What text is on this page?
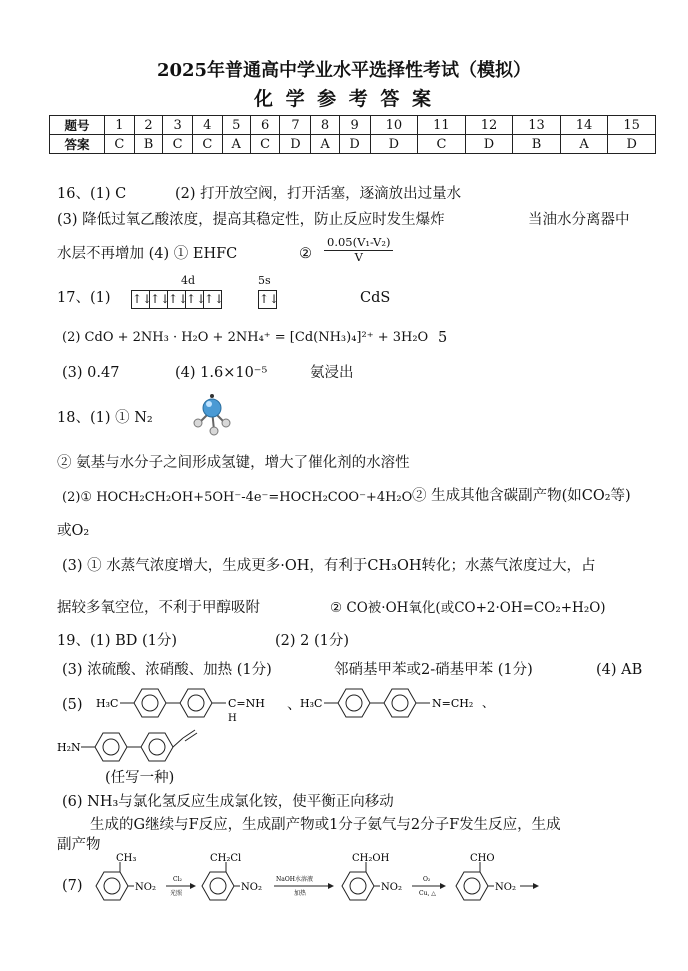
2025年普通高中学业水平选择性考试（模拟）
化 学 参 考 答 案
题号	1	2	3	4	5	6	7	8	9	10	11	12	13	14	15
答案	C	B	C	C	A	C	D	A	D	D	C	D	B	A	D
16、(1) C	(2) 打开放空阀，打开活塞，逐滴放出过量水
(3) 降低过氧乙酸浓度，提高其稳定性，防止反应时发生爆炸	当油水分离器中
水层不再增加 (4) ① EHFC	② $\frac{\text{0.05(V₁-V₂)}}{V}$
17、(1)
4d	5s
↑↓↑↓↑↓↑↓↑↓	↑↓	CdS
(2) CdO + 2NH₃ · H₂O + 2NH₄⁺ = [Cd(NH₃)₄]²⁺ + 3H₂O 5
(3) 0.47	(4) 1.6×10⁻⁵	氨浸出
18、(1) ① N₂
② 氨基与水分子之间形成氢键，增大了催化剂的水溶性
(2)① HOCH₂CH₂OH+5OH⁻-4e⁻=HOCH₂COO⁻+4H₂O ② 生成其他含碳副产物(如CO₂等)
或O₂
(3) ① 水蒸气浓度增大，生成更多·OH，有利于CH₃OH转化；水蒸气浓度过大，占
据较多氧空位，不利于甲醇吸附	② CO被·OH氧化(或CO+2·OH=CO₂+H₂O)
19、(1) BD (1分)	(2) 2 (1分)
(3) 浓硫酸、浓硝酸、加热 (1分)	邻硝基甲苯或2-硝基甲苯 (1分)	(4) AB
(5) H₃C	C=NH
H
、
H₃C	N=CH₂ 、
H₂N
(任写一种)
(6) NH₃与氯化氢反应生成氯化铵，使平衡正向移动
生成的G继续与F反应，生成副产物或1分子氨气与2分子F发生反应，生成
副产物
(7)
CH₃
NO₂
Cl₂
光照
CH₂Cl
NO₂
NaOH水溶液
加热
CH₂OH
NO₂
O₂
Cu, △
CHO
NO₂
